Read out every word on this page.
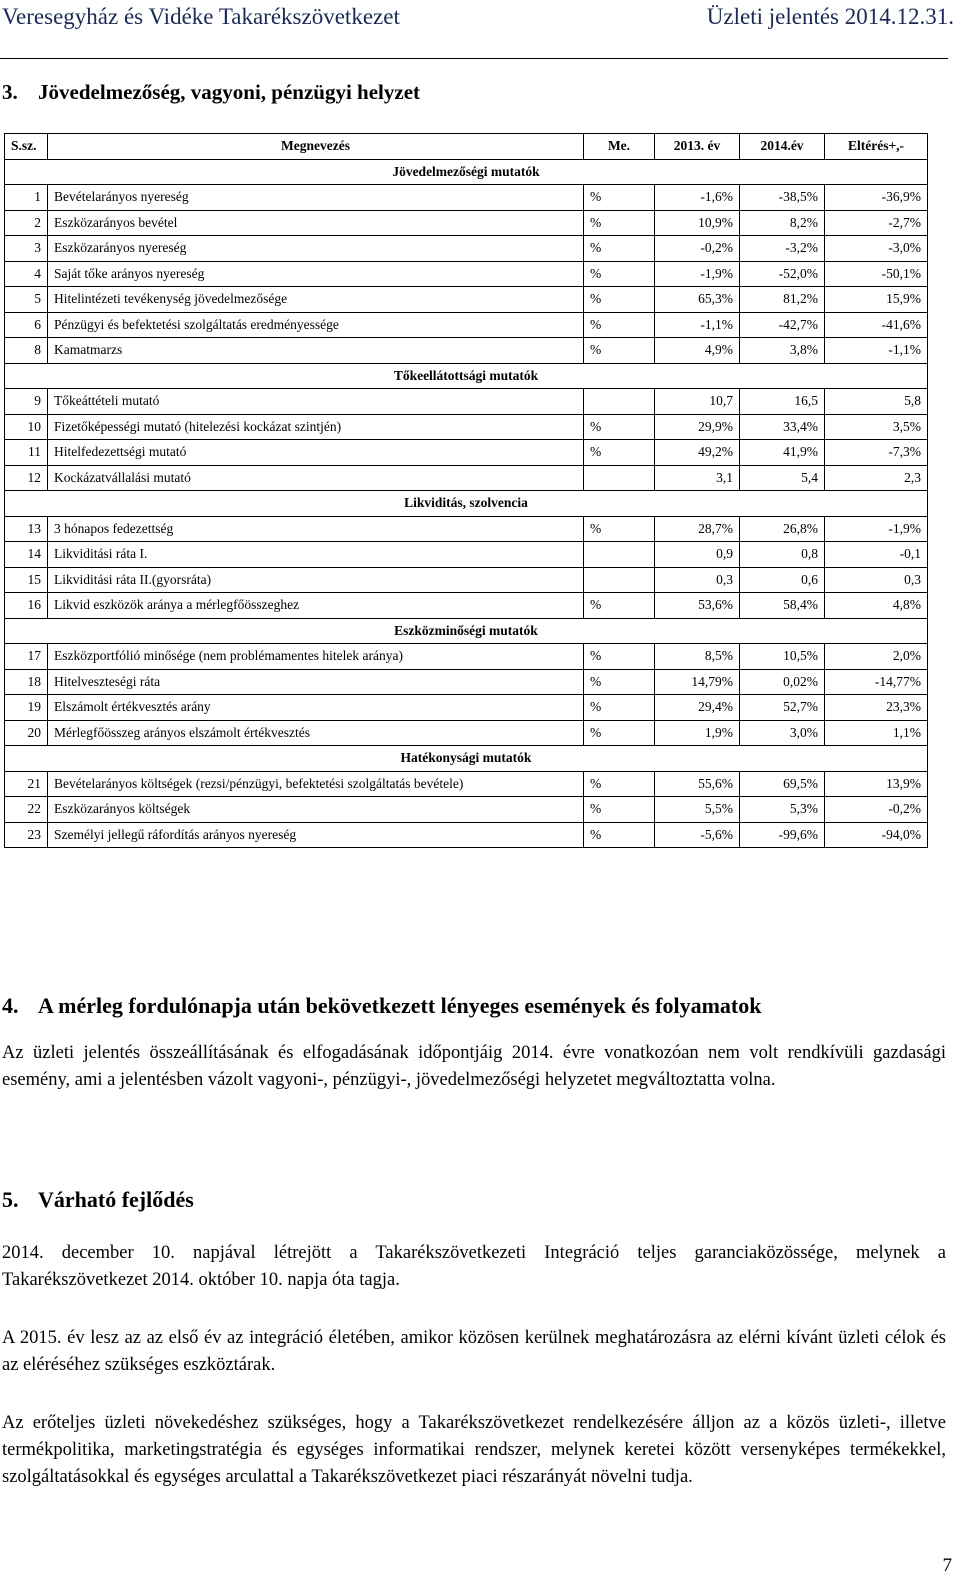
Veresegyház és Vidéke Takarékszövetkezet	Üzleti jelentés 2014.12.31.
3. Jövedelmezőség, vagyoni, pénzügyi helyzet
S.sz.	Megnevezés	Me.	2013. év	2014.év	Eltérés+,-
Jövedelmezőségi mutatók					
1	Bevételarányos nyereség	%	-1,6%	-38,5%	-36,9%
2	Eszközarányos bevétel	%	10,9%	8,2%	-2,7%
3	Eszközarányos nyereség	%	-0,2%	-3,2%	-3,0%
4	Saját tőke arányos nyereség	%	-1,9%	-52,0%	-50,1%
5	Hitelintézeti tevékenység jövedelmezősége	%	65,3%	81,2%	15,9%
6	Pénzügyi és befektetési szolgáltatás eredményessége	%	-1,1%	-42,7%	-41,6%
8	Kamatmarzs	%	4,9%	3,8%	-1,1%
Tőkeellátottsági mutatók					
9	Tőkeáttételi mutató		10,7	16,5	5,8
10	Fizetőképességi mutató (hitelezési kockázat szintjén)	%	29,9%	33,4%	3,5%
11	Hitelfedezettségi mutató	%	49,2%	41,9%	-7,3%
12	Kockázatvállalási mutató		3,1	5,4	2,3
Likviditás, szolvencia					
13	3 hónapos fedezettség	%	28,7%	26,8%	-1,9%
14	Likviditási ráta I.		0,9	0,8	-0,1
15	Likviditási ráta II.(gyorsráta)		0,3	0,6	0,3
16	Likvid eszközök aránya a mérlegfőösszeghez	%	53,6%	58,4%	4,8%
Eszközminőségi mutatók					
17	Eszközportfólió minősége (nem problémamentes hitelek aránya)	%	8,5%	10,5%	2,0%
18	Hitelveszteségi ráta	%	14,79%	0,02%	-14,77%
19	Elszámolt értékvesztés arány	%	29,4%	52,7%	23,3%
20	Mérlegfőösszeg arányos elszámolt értékvesztés	%	1,9%	3,0%	1,1%
Hatékonysági mutatók					
21	Bevételarányos költségek (rezsi/pénzügyi, befektetési szolgáltatás bevétele)	%	55,6%	69,5%	13,9%
22	Eszközarányos költségek	%	5,5%	5,3%	-0,2%
23	Személyi jellegű ráfordítás arányos nyereség	%	-5,6%	-99,6%	-94,0%
4. A mérleg fordulónapja után bekövetkezett lényeges események és folyamatok
Az üzleti jelentés összeállításának és elfogadásának időpontjáig 2014. évre vonatkozóan nem volt rendkívüli gazdasági esemény, ami a jelentésben vázolt vagyoni-, pénzügyi-, jövedelmezőségi helyzetet megváltoztatta volna.
5. Várható fejlődés
2014. december 10. napjával létrejött a Takarékszövetkezeti Integráció teljes garanciaközössége, melynek a Takarékszövetkezet 2014. október 10. napja óta tagja.
A 2015. év lesz az az első év az integráció életében, amikor közösen kerülnek meghatározásra az elérni kívánt üzleti célok és az eléréséhez szükséges eszköztárak.
Az erőteljes üzleti növekedéshez szükséges, hogy a Takarékszövetkezet rendelkezésére álljon az a közös üzleti-, illetve termékpolitika, marketingstratégia és egységes informatikai rendszer, melynek keretei között versenyképes termékekkel, szolgáltatásokkal és egységes arculattal a Takarékszövetkezet piaci részarányát növelni tudja.
7
